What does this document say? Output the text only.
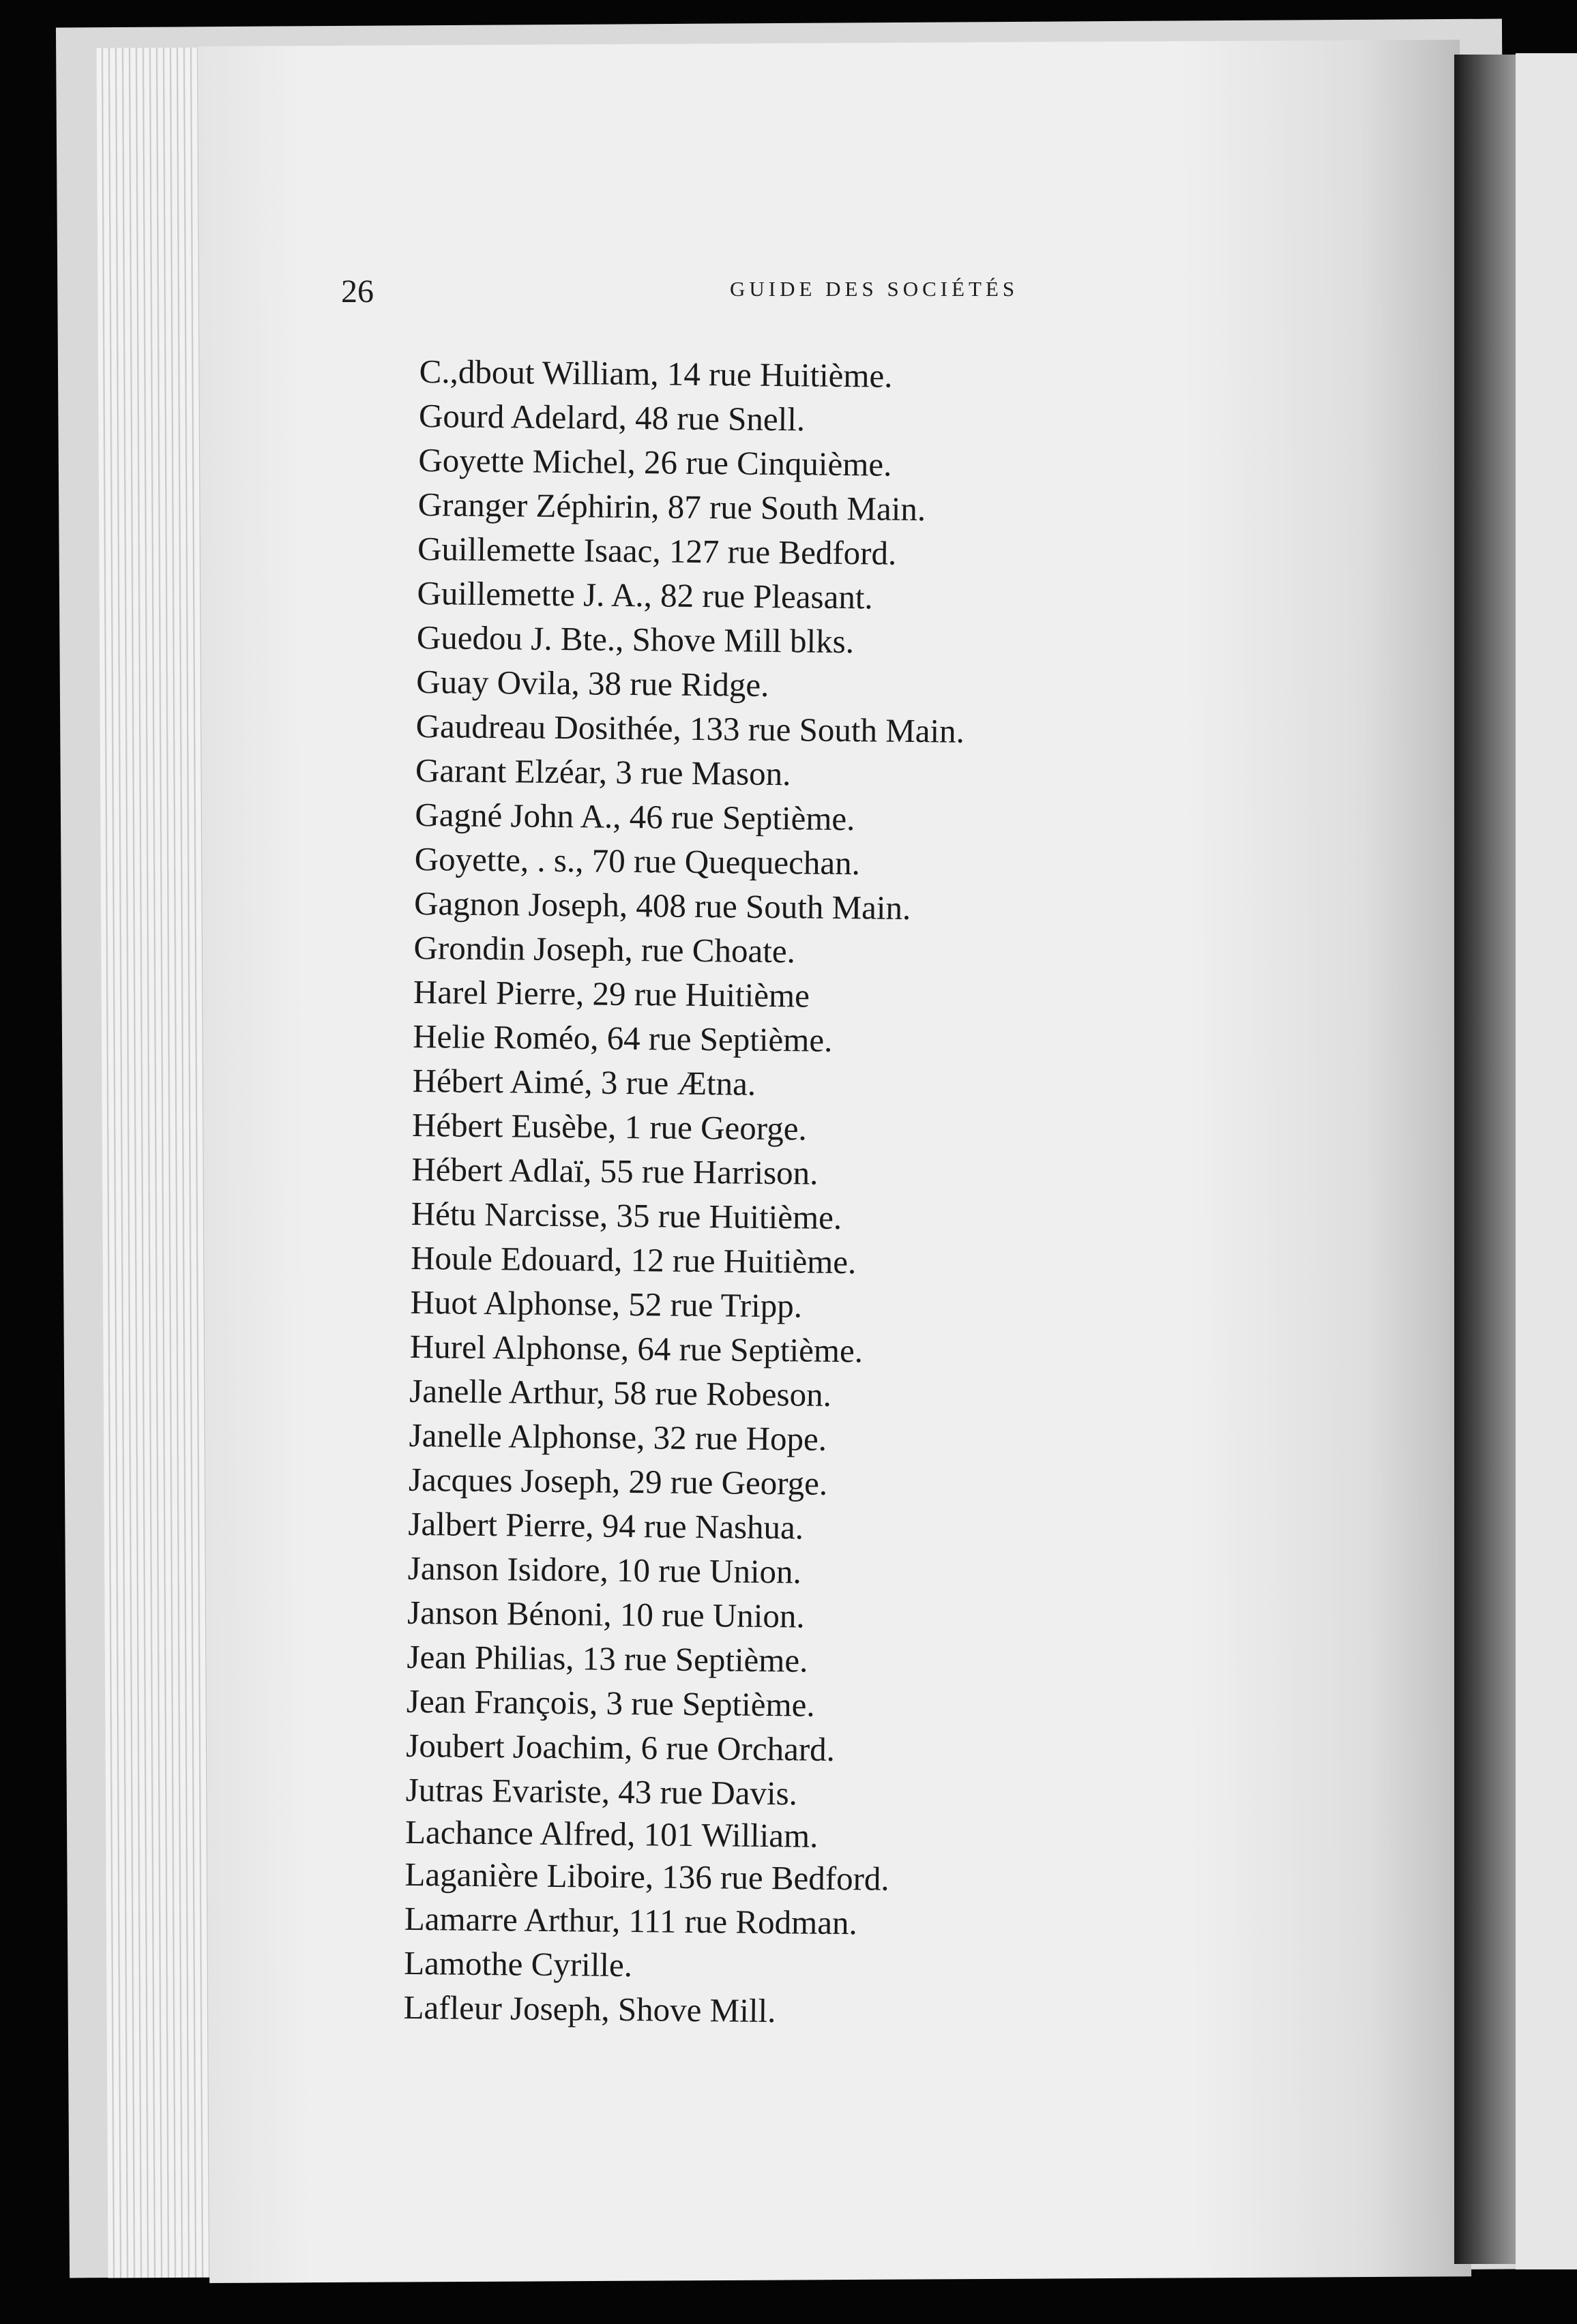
26	GUIDE DES SOCIÉTÉS
C.,dbout William, 14 rue Huitième.
Gourd Adelard, 48 rue Snell.
Goyette Michel, 26 rue Cinquième.
Granger Zéphirin, 87 rue South Main.
Guillemette Isaac, 127 rue Bedford.
Guillemette J. A., 82 rue Pleasant.
Guedou J. Bte., Shove Mill blks.
Guay Ovila, 38 rue Ridge.
Gaudreau Dosithée, 133 rue South Main.
Garant Elzéar, 3 rue Mason.
Gagné John A., 46 rue Septième.
Goyette, . s., 70 rue Quequechan.
Gagnon Joseph, 408 rue South Main.
Grondin Joseph, rue Choate.
Harel Pierre, 29 rue Huitième
Helie Roméo, 64 rue Septième.
Hébert Aimé, 3 rue Ætna.
Hébert Eusèbe, 1 rue George.
Hébert Adlaï, 55 rue Harrison.
Hétu Narcisse, 35 rue Huitième.
Houle Edouard, 12 rue Huitième.
Huot Alphonse, 52 rue Tripp.
Hurel Alphonse, 64 rue Septième.
Janelle Arthur, 58 rue Robeson.
Janelle Alphonse, 32 rue Hope.
Jacques Joseph, 29 rue George.
Jalbert Pierre, 94 rue Nashua.
Janson Isidore, 10 rue Union.
Janson Bénoni, 10 rue Union.
Jean Philias, 13 rue Septième.
Jean François, 3 rue Septième.
Joubert Joachim, 6 rue Orchard.
Jutras Evariste, 43 rue Davis.
Lachance Alfred, 101 William.
Laganière Liboire, 136 rue Bedford.
Lamarre Arthur, 111 rue Rodman.
Lamothe Cyrille.
Lafleur Joseph, Shove Mill.
